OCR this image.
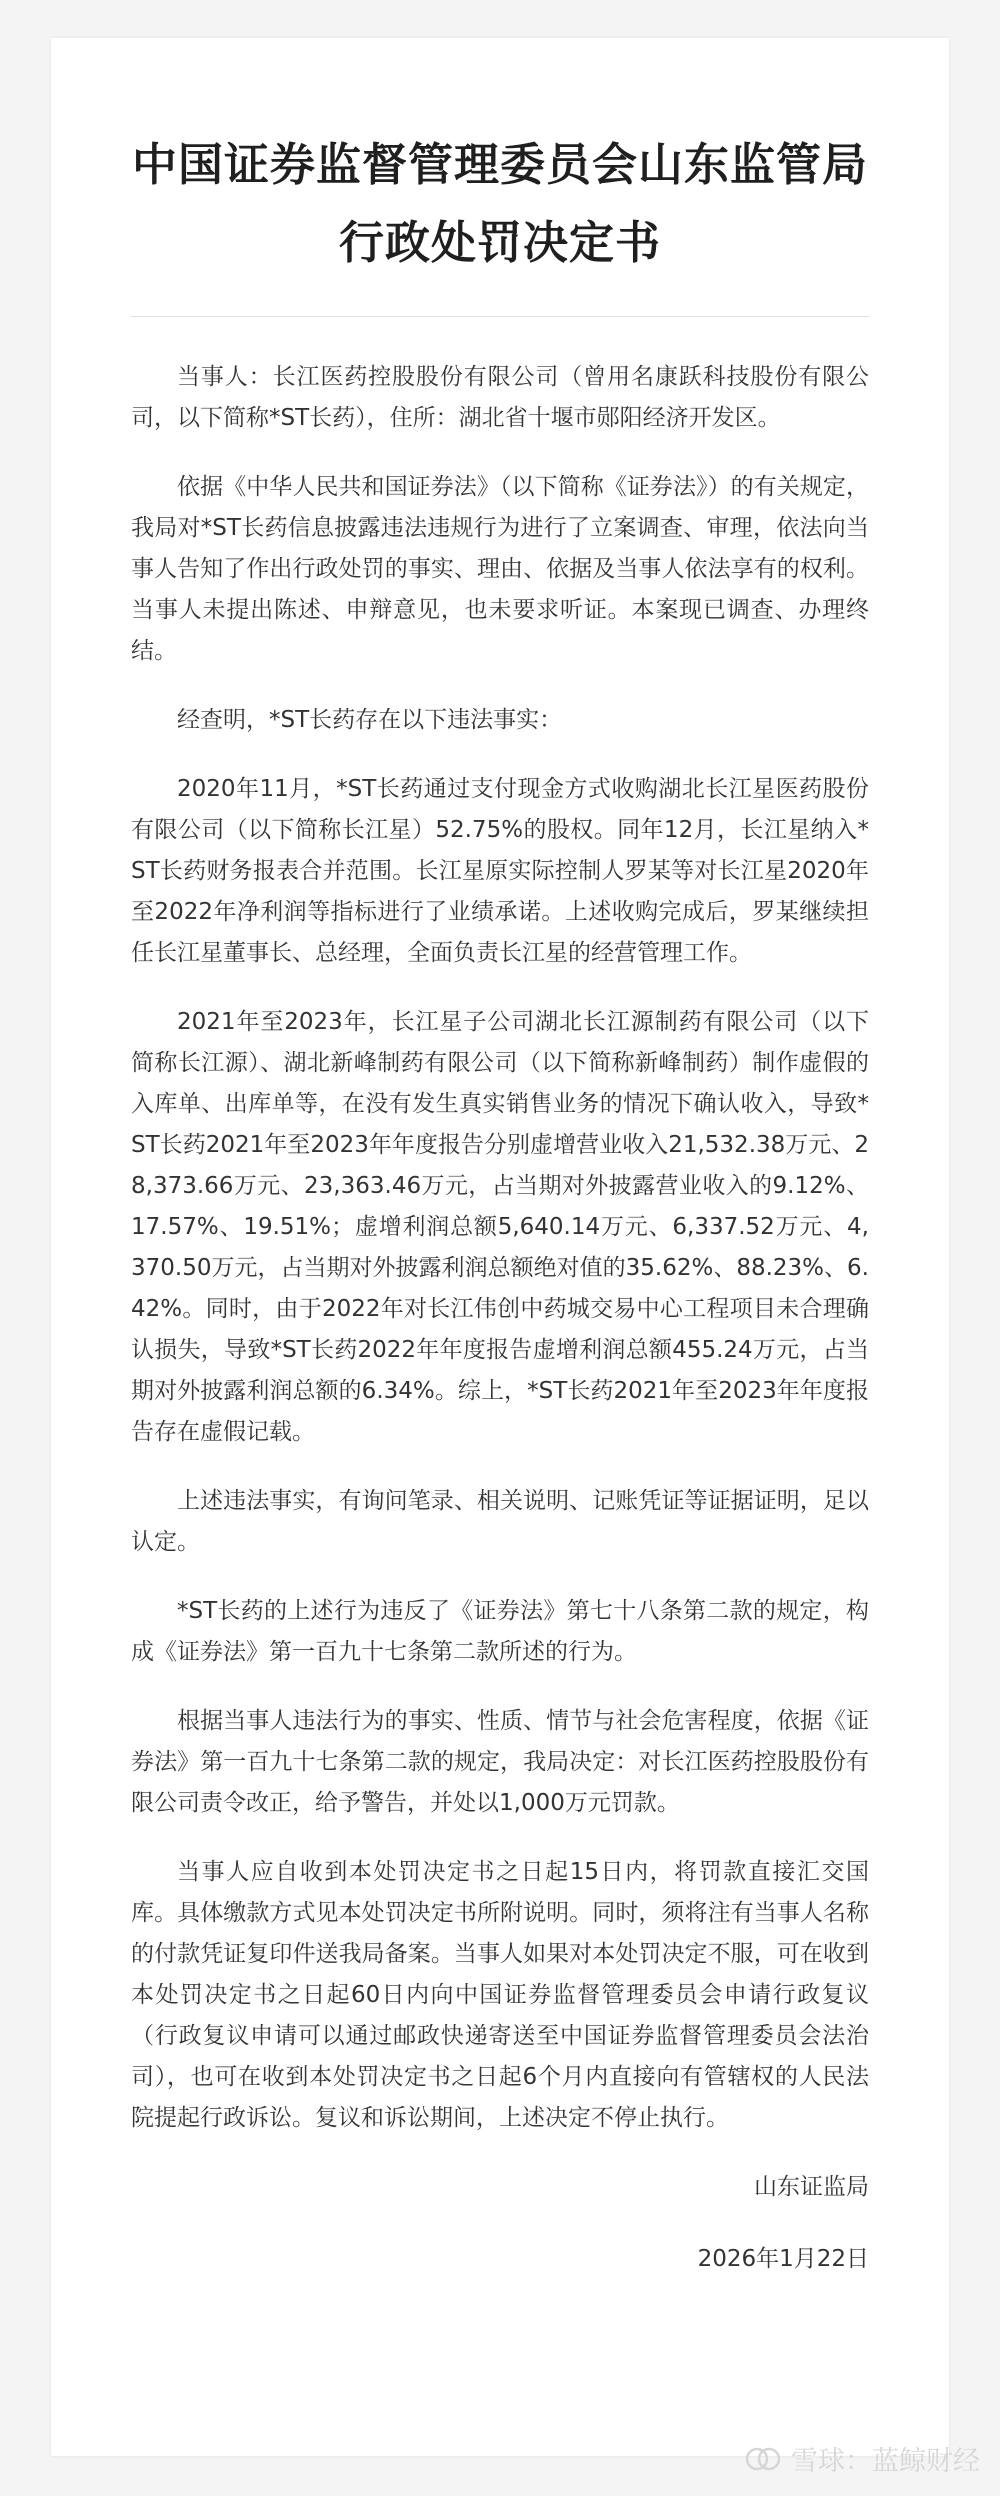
中国证券监督管理委员会山东监管局
行政处罚决定书

当事人：长江医药控股股份有限公司（曾用名康跃科技股份有限公司，以下简称*ST长药），住所：湖北省十堰市郧阳经济开发区。

依据《中华人民共和国证券法》（以下简称《证券法》）的有关规定，我局对*ST长药信息披露违法违规行为进行了立案调查、审理，依法向当事人告知了作出行政处罚的事实、理由、依据及当事人依法享有的权利。当事人未提出陈述、申辩意见，也未要求听证。本案现已调查、办理终结。

经查明，*ST长药存在以下违法事实：

2020年11月，*ST长药通过支付现金方式收购湖北长江星医药股份有限公司（以下简称长江星）52.75%的股权。同年12月，长江星纳入*ST长药财务报表合并范围。长江星原实际控制人罗某等对长江星2020年至2022年净利润等指标进行了业绩承诺。上述收购完成后，罗某继续担任长江星董事长、总经理，全面负责长江星的经营管理工作。

2021年至2023年，长江星子公司湖北长江源制药有限公司（以下简称长江源）、湖北新峰制药有限公司（以下简称新峰制药）制作虚假的入库单、出库单等，在没有发生真实销售业务的情况下确认收入，导致*ST长药2021年至2023年年度报告分别虚增营业收入21,532.38万元、28,373.66万元、23,363.46万元，占当期对外披露营业收入的9.12%、17.57%、19.51%；虚增利润总额5,640.14万元、6,337.52万元、4,370.50万元，占当期对外披露利润总额绝对值的35.62%、88.23%、6.42%。同时，由于2022年对长江伟创中药城交易中心工程项目未合理确认损失，导致*ST长药2022年年度报告虚增利润总额455.24万元，占当期对外披露利润总额的6.34%。综上，*ST长药2021年至2023年年度报告存在虚假记载。

上述违法事实，有询问笔录、相关说明、记账凭证等证据证明，足以认定。

*ST长药的上述行为违反了《证券法》第七十八条第二款的规定，构成《证券法》第一百九十七条第二款所述的行为。

根据当事人违法行为的事实、性质、情节与社会危害程度，依据《证券法》第一百九十七条第二款的规定，我局决定：对长江医药控股股份有限公司责令改正，给予警告，并处以1,000万元罚款。

当事人应自收到本处罚决定书之日起15日内，将罚款直接汇交国库。具体缴款方式见本处罚决定书所附说明。同时，须将注有当事人名称的付款凭证复印件送我局备案。当事人如果对本处罚决定不服，可在收到本处罚决定书之日起60日内向中国证券监督管理委员会申请行政复议（行政复议申请可以通过邮政快递寄送至中国证券监督管理委员会法治司），也可在收到本处罚决定书之日起6个月内直接向有管辖权的人民法院提起行政诉讼。复议和诉讼期间，上述决定不停止执行。

山东证监局
2026年1月22日
雪球：蓝鲸财经
